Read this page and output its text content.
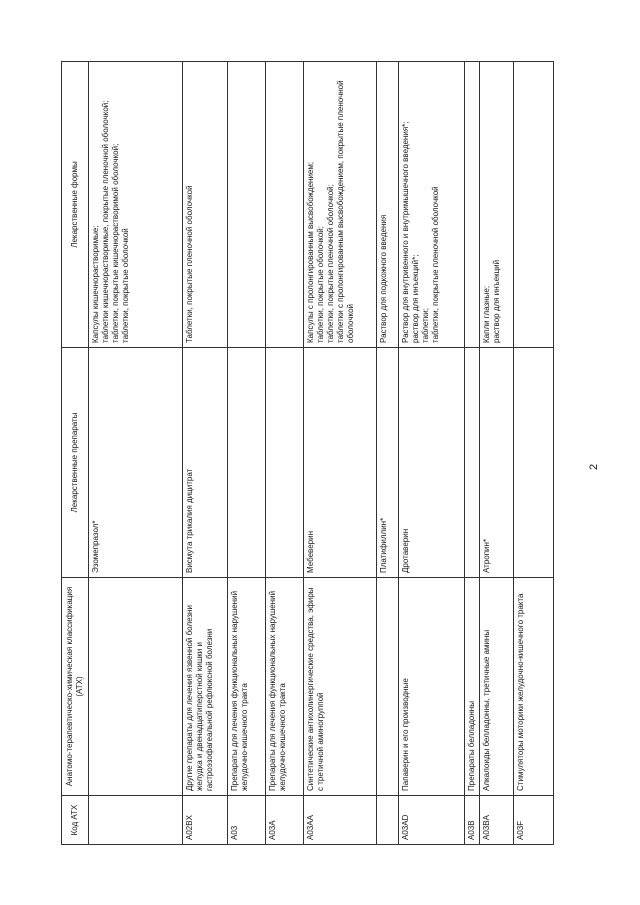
2
Код АТХ	Анатомо-терапевтическо-химическая классификация (АТХ)	Лекарственные препараты	Лекарственные формы
		Эзомепразол*	Капсулы кишечнорастворимые; таблетки кишечнорастворимые, покрытые пленочной оболочкой; таблетки, покрытые кишечнорастворимой оболочкой; таблетки, покрытые оболочкой

A02BX	Другие препараты для лечения язвенной болезни желудка и двенадцатиперстной кишки и гастроэзофагеальной рефлюксной болезни	Висмута трикалия дицитрат	Таблетки, покрытые пленочной оболочкой

A03	Препараты для лечения функциональных нарушений желудочно-кишечного тракта		
A03A	Препараты для лечения функциональных нарушений желудочно-кишечного тракта		
A03AA	Синтетические антихолинергические средства, эфиры с третичной аминогруппой	Мебеверин	Капсулы с пролонгированным высвобождением; таблетки, покрытые оболочкой; таблетки, покрытые пленочной оболочкой; таблетки с пролонгированным высвобождением, покрытые пленочной оболочкой

		Платифиллин*	Раствор для подкожного введения

A03AD	Папаверин и его производные	Дротаверин	Раствор для внутривенного и внутримышечного введения*; раствор для инъекций*; таблетки; таблетки, покрытые пленочной оболочкой

A03B	Препараты белладонны		
A03BA	Алкалоиды белладонны, третичные амины	Атропин*	Капли глазные; раствор для инъекций

A03F	Стимуляторы моторики желудочно-кишечного тракта		
